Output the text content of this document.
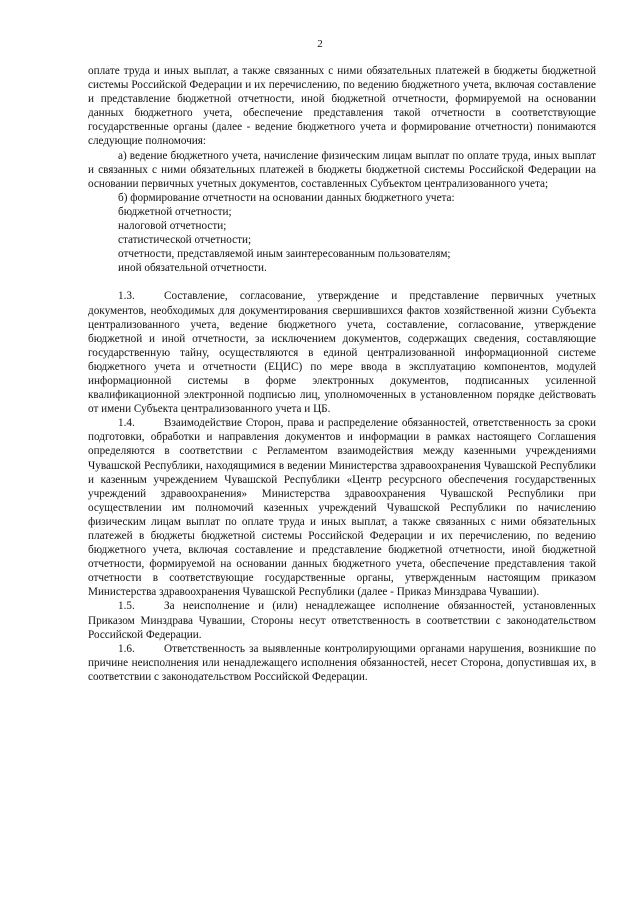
2

оплате труда и иных выплат, а также связанных с ними обязательных платежей в бюджеты бюджетной системы Российской Федерации и их перечислению, по ведению бюджетного учета, включая составление и представление бюджетной отчетности, иной бюджетной отчетности, формируемой на основании данных бюджетного учета, обеспечение представления такой отчетности в соответствующие государственные органы (далее - ведение бюджетного учета и формирование отчетности) понимаются следующие полномочия:

а) ведение бюджетного учета, начисление физическим лицам выплат по оплате труда, иных выплат и связанных с ними обязательных платежей в бюджеты бюджетной системы Российской Федерации на основании первичных учетных документов, составленных Субъектом централизованного учета;

б) формирование отчетности на основании данных бюджетного учета:

бюджетной отчетности;

налоговой отчетности;

статистической отчетности;

отчетности, представляемой иным заинтересованным пользователям;

иной обязательной отчетности.

1.3.	Составление, согласование, утверждение и представление первичных учетных документов, необходимых для документирования свершившихся фактов хозяйственной жизни Субъекта централизованного учета, ведение бюджетного учета, составление, согласование, утверждение бюджетной и иной отчетности, за исключением документов, содержащих сведения, составляющие государственную тайну, осуществляются в единой централизованной информационной системе бюджетного учета и отчетности (ЕЦИС) по мере ввода в эксплуатацию компонентов, модулей информационной системы в форме электронных документов, подписанных усиленной квалификационной электронной подписью лиц, уполномоченных в установленном порядке действовать от имени Субъекта централизованного учета и ЦБ.

1.4.	Взаимодействие Сторон, права и распределение обязанностей, ответственность за сроки подготовки, обработки и направления документов и информации в рамках настоящего Соглашения определяются в соответствии с Регламентом взаимодействия между казенными учреждениями Чувашской Республики, находящимися в ведении Министерства здравоохранения Чувашской Республики и казенным учреждением Чувашской Республики «Центр ресурсного обеспечения государственных учреждений здравоохранения» Министерства здравоохранения Чувашской Республики при осуществлении им полномочий казенных учреждений Чувашской Республики по начислению физическим лицам выплат по оплате труда и иных выплат, а также связанных с ними обязательных платежей в бюджеты бюджетной системы Российской Федерации и их перечислению, по ведению бюджетного учета, включая составление и представление бюджетной отчетности, иной бюджетной отчетности, формируемой на основании данных бюджетного учета, обеспечение представления такой отчетности в соответствующие государственные органы, утвержденным настоящим приказом Министерства здравоохранения Чувашской Республики (далее - Приказ Минздрава Чувашии).

1.5.	За неисполнение и (или) ненадлежащее исполнение обязанностей, установленных Приказом Минздрава Чувашии, Стороны несут ответственность в соответствии с законодательством Российской Федерации.

1.6.	Ответственность за выявленные контролирующими органами нарушения, возникшие по причине неисполнения или ненадлежащего исполнения обязанностей, несет Сторона, допустившая их, в соответствии с законодательством Российской Федерации.
